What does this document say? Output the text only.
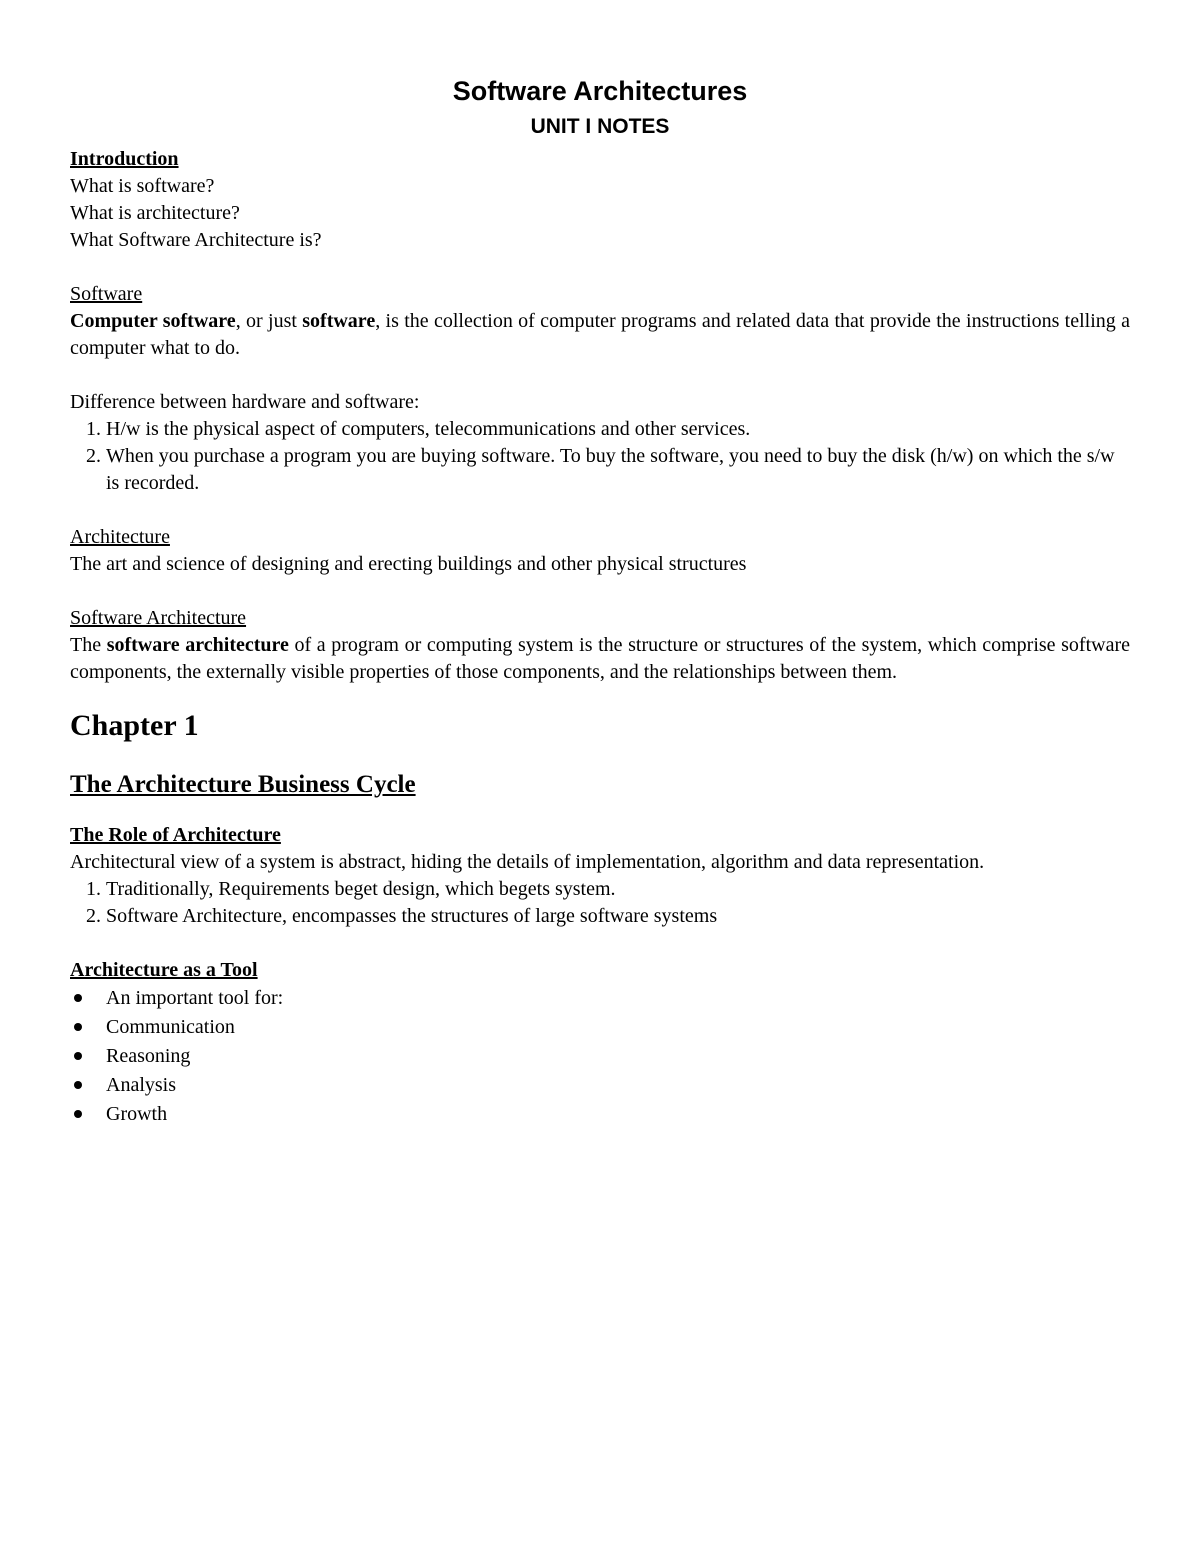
Software Architectures

UNIT I NOTES

Introduction

What is software?

What is architecture?

What Software Architecture is?

Software

Computer software, or just software, is the collection of computer programs and related data that provide the instructions telling a computer what to do.

Difference between hardware and software:

1. H/w is the physical aspect of computers, telecommunications and other services.
2. When you purchase a program you are buying software. To buy the software, you need to buy the disk (h/w) on which the s/w is recorded.

Architecture

The art and science of designing and erecting buildings and other physical structures

Software Architecture

The software architecture of a program or computing system is the structure or structures of the system, which comprise software components, the externally visible properties of those components, and the relationships between them.

Chapter 1

The Architecture Business Cycle

The Role of Architecture

Architectural view of a system is abstract, hiding the details of implementation, algorithm and data representation.

1. Traditionally, Requirements beget design, which begets system.
2. Software Architecture, encompasses the structures of large software systems

Architecture as a Tool

An important tool for:
Communication
Reasoning
Analysis
Growth
